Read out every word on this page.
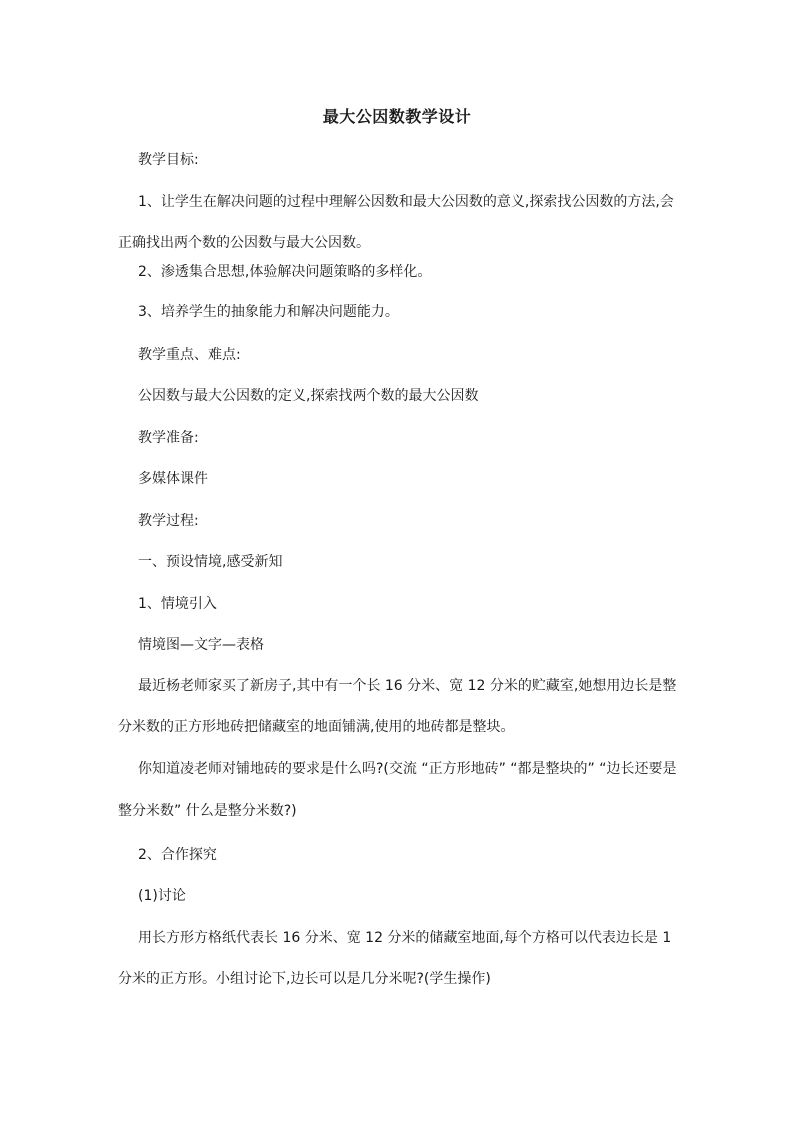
最大公因数教学设计
教学目标:
1、让学生在解决问题的过程中理解公因数和最大公因数的意义,探索找公因数的方法,会
正确找出两个数的公因数与最大公因数。
2、渗透集合思想,体验解决问题策略的多样化。
3、培养学生的抽象能力和解决问题能力。
教学重点、难点:
公因数与最大公因数的定义,探索找两个数的最大公因数
教学准备:
多媒体课件
教学过程:
一、预设情境,感受新知
1、情境引入
情境图—文字—表格
最近杨老师家买了新房子,其中有一个长 16 分米、宽 12 分米的贮藏室,她想用边长是整
分米数的正方形地砖把储藏室的地面铺满,使用的地砖都是整块。
你知道凌老师对铺地砖的要求是什么吗?(交流 “正方形地砖” “都是整块的” “边长还要是
整分米数” 什么是整分米数?)
2、合作探究
(1)讨论
用长方形方格纸代表长 16 分米、宽 12 分米的储藏室地面,每个方格可以代表边长是 1
分米的正方形。小组讨论下,边长可以是几分米呢?(学生操作)
